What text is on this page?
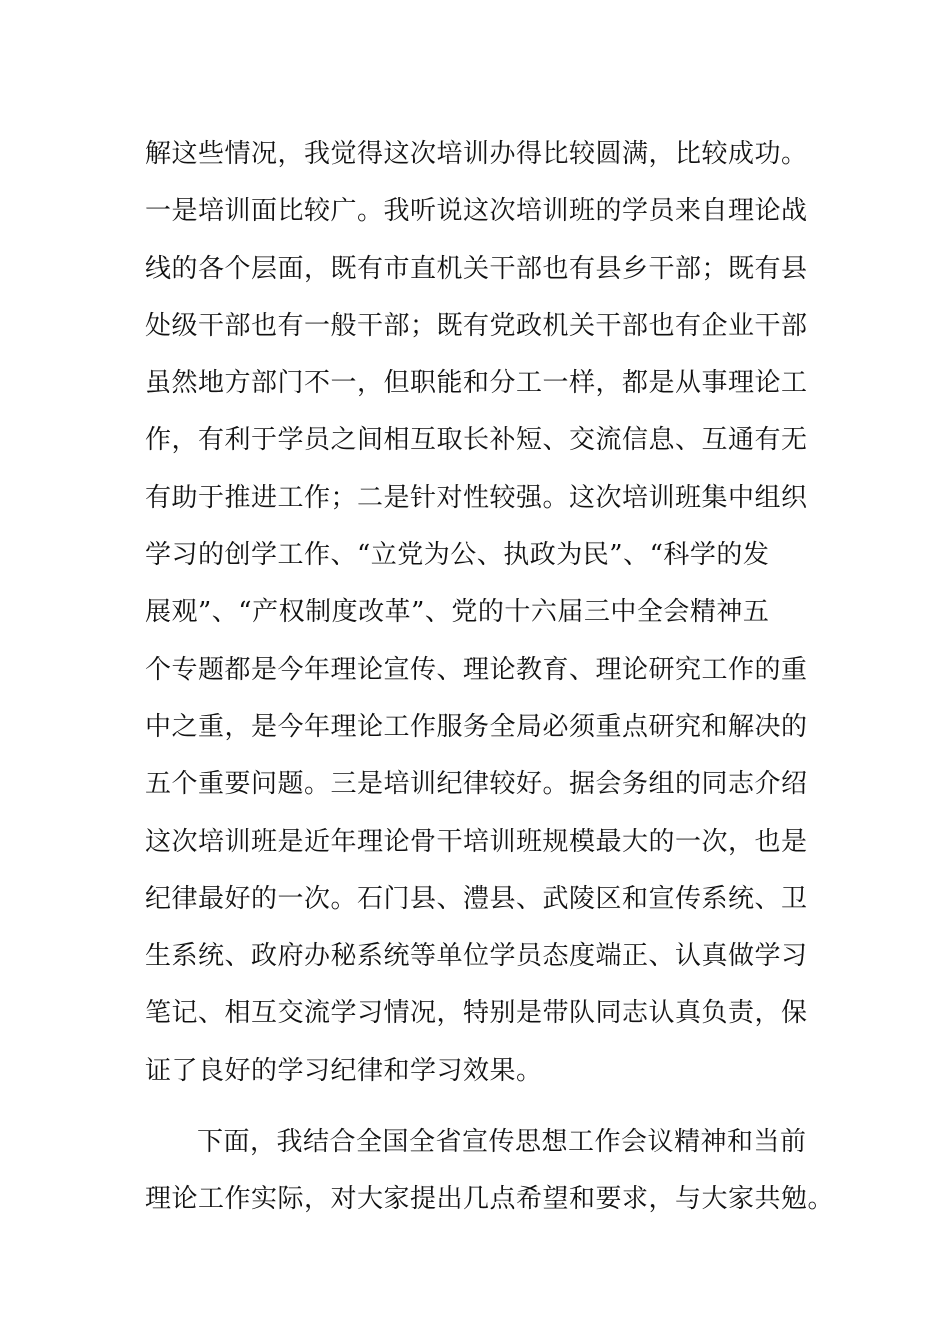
解这些情况，我觉得这次培训办得比较圆满，比较成功。
一是培训面比较广。我听说这次培训班的学员来自理论战
线的各个层面，既有市直机关干部也有县乡干部；既有县
处级干部也有一般干部；既有党政机关干部也有企业干部
虽然地方部门不一，但职能和分工一样，都是从事理论工
作，有利于学员之间相互取长补短、交流信息、互通有无
有助于推进工作；二是针对性较强。这次培训班集中组织
学习的创学工作、“立党为公、执政为民”、“科学的发
展观”、“产权制度改革”、党的十六届三中全会精神五
个专题都是今年理论宣传、理论教育、理论研究工作的重
中之重，是今年理论工作服务全局必须重点研究和解决的
五个重要问题。三是培训纪律较好。据会务组的同志介绍
这次培训班是近年理论骨干培训班规模最大的一次，也是
纪律最好的一次。石门县、澧县、武陵区和宣传系统、卫
生系统、政府办秘系统等单位学员态度端正、认真做学习
笔记、相互交流学习情况，特别是带队同志认真负责，保
证了良好的学习纪律和学习效果。
下面，我结合全国全省宣传思想工作会议精神和当前
理论工作实际，对大家提出几点希望和要求，与大家共勉。
